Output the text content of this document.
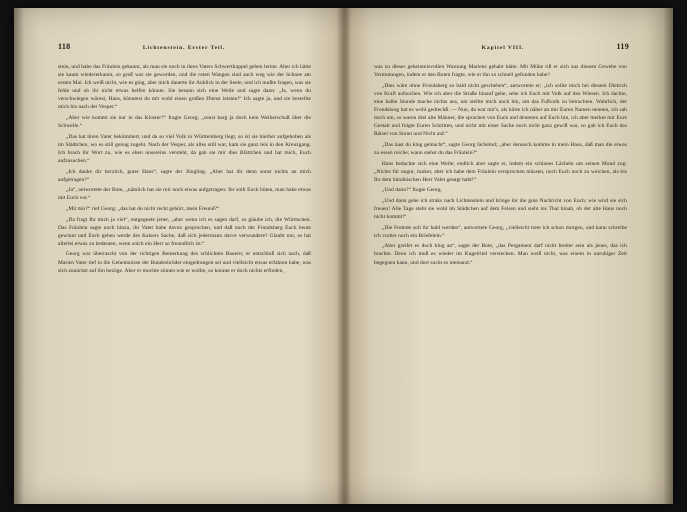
118	Lichtenstein. Erster Teil.

stein, und habe das Fräulein gekannt, als man sie noch in ihres Vaters Schwertkuppel gehen lernte. Aber ich hätte sie kaum wiedererkannt, so groß war sie geworden, und die roten Wangen sind auch weg wie der Schnee am ersten Mai. Ich weiß nicht, wie es ging, aber mich dauerte ihr Anblick in der Seele, und ich mußte fragen, was sie fehle und ob ihr nicht etwas helfen könnte. Sie besann sich eine Weile und sagte dann: „Ja, wenn du verschwiegen wärest, Hans, könntest du mir wohl einen großen Dienst leisten!“ Ich sagte ja, und sie bestellte mich bis nach der Vesper.“

„Aber wie kommt sie nur in das Kloster?“ fragte Georg; „sonst barg ja doch kein Weiberschuß über die Schwelle.“

„Das hat ihren Vater bekümmert, und da so viel Volk in Württemberg liegt, so ist sie hierher aufgehoben als im Städtchen, wo es still genug zugeht. Nach der Vesper, als alles still war, kam sie ganz leis in den Kreuzgang. Ich brach ihr Wort zu, wie es eben unsereins versteht, da gab sie mir dies Blättchen und bat mich, Euch aufzusuchen.“

„Ich danke dir herzlich, guter Hans“, sagte der Jüngling. „Aber hat dir denn sonst nichts an mich aufgetragen?“

„Ja“, antwortete der Bote, „nämlich hat sie mir noch etwas aufgetragen: Ihr sollt Euch hüten, man habe etwas mit Euch vor.“

„Mit mir?“ rief Georg; „das hat du nicht recht gehört, mein Freund?“

„Da fragt Ihr mich ja viel“, entgegnete jener, „aber wenn ich es sagen darf, so glaube ich, die Württschen. Das Fräulein sagte noch hinzu, ihr Vater habe davon gesprochen, und daß noch der Frondsberg Euch heute gewinnt und Euch geben werde des Kaisers Sache, daß sich jedermann davor verwundere? Glaubt nur, es hat allerlei etwas zu bedeuten, wenn solch ein Herr so freundlich ist.“

Georg war überrascht von der richtigen Bemerkung des schlichten Bauern; er entschloß sich auch, daß Marien Vater tief in die Geheimnisse der Bundesbrüder eingedrungen sei und vielleicht etwas erfahren habe, was sich zunächst auf ihn bezöge. Aber er mochte sinnen wie er wollte, so konnte er doch nichts erfinden,

Kapitel VIII.	119

was zu dieser geheimnisvollen Warnung Mariens gehabt hätte. Mit Mühe riß er sich aus diesem Gewebe von Vermutungen, indem er den Boten fragte, wie er ihn so schnell gefunden habe?

„Dies wäre ohne Frondsberg so bald nicht geschehen“, antwortete er; „ich sollte mich bei diesem Dietrich von Kraft aufsuchen. Wie ich aber die Straße hinauf gehe, sehe ich Euch mit Volk auf den Wiesen. Ich dachte, eine halbe Stunde mache nichts aus, um stellte mich auch hin, um das Fußvolk zu betrachten. Wahrlich, der Frondsberg hat es wohl gedrechß. — Nun, da war mir's, als hörte ich näher an mir Euren Namen nennen, ich sah mich um, so waren drei alte Männer, die sprachen von Euch und deuteten auf Euch hin, ich aber merkte mir Eure Gestalt und folgte Euren Schritten, und nicht mit einer Sache noch nicht ganz gewiß war, so gab ich Euch das Rätsel von Stunn und Nicht auf.“

„Das hast du klug gemacht“, sagte Georg lächelnd; „aber dennoch komme in mein Haus, daß man die etwas zu essen reiche; wann siehst du das Fräulein?“

Hans bedachte sich eine Weile; endlich aber sagte er, indem ein schlaues Lächeln um seinen Mund zog: „Nichts für ungut, Junker, aber ich habe dem Fräulein versprochen müssen, noch Euch noch zu weichen, als bis Ihr dem bündnischen Herr Valet gesagt habt!“

„Und dann?“ fragte Georg.

„Und dann gehe ich straks nach Lichtenstein und bringe ihr die gute Nachricht von Euch; wie wird sie sich freuen! Alle Tage steht sie wohl im Städtchen auf dem Felsen und sieht ins Thal hinab, ob der alte Hans noch nicht kommt!“

„Die Fremde soll ihr bald werden“, antwortete Georg, „vielleicht trete ich schon morgen, und kann schreibe ich vorher noch ein Briefelein.“

„Aber greifet es doch klug an“, sagte der Bote, „das Pergament darf nicht breiter sein als jenes, das ich brachte. Denn ich muß es wieder im Kugelritel verstecken. Man weiß nicht, was einem in unruhiger Zeit begegnen kann, und dort sucht es niemand.“
